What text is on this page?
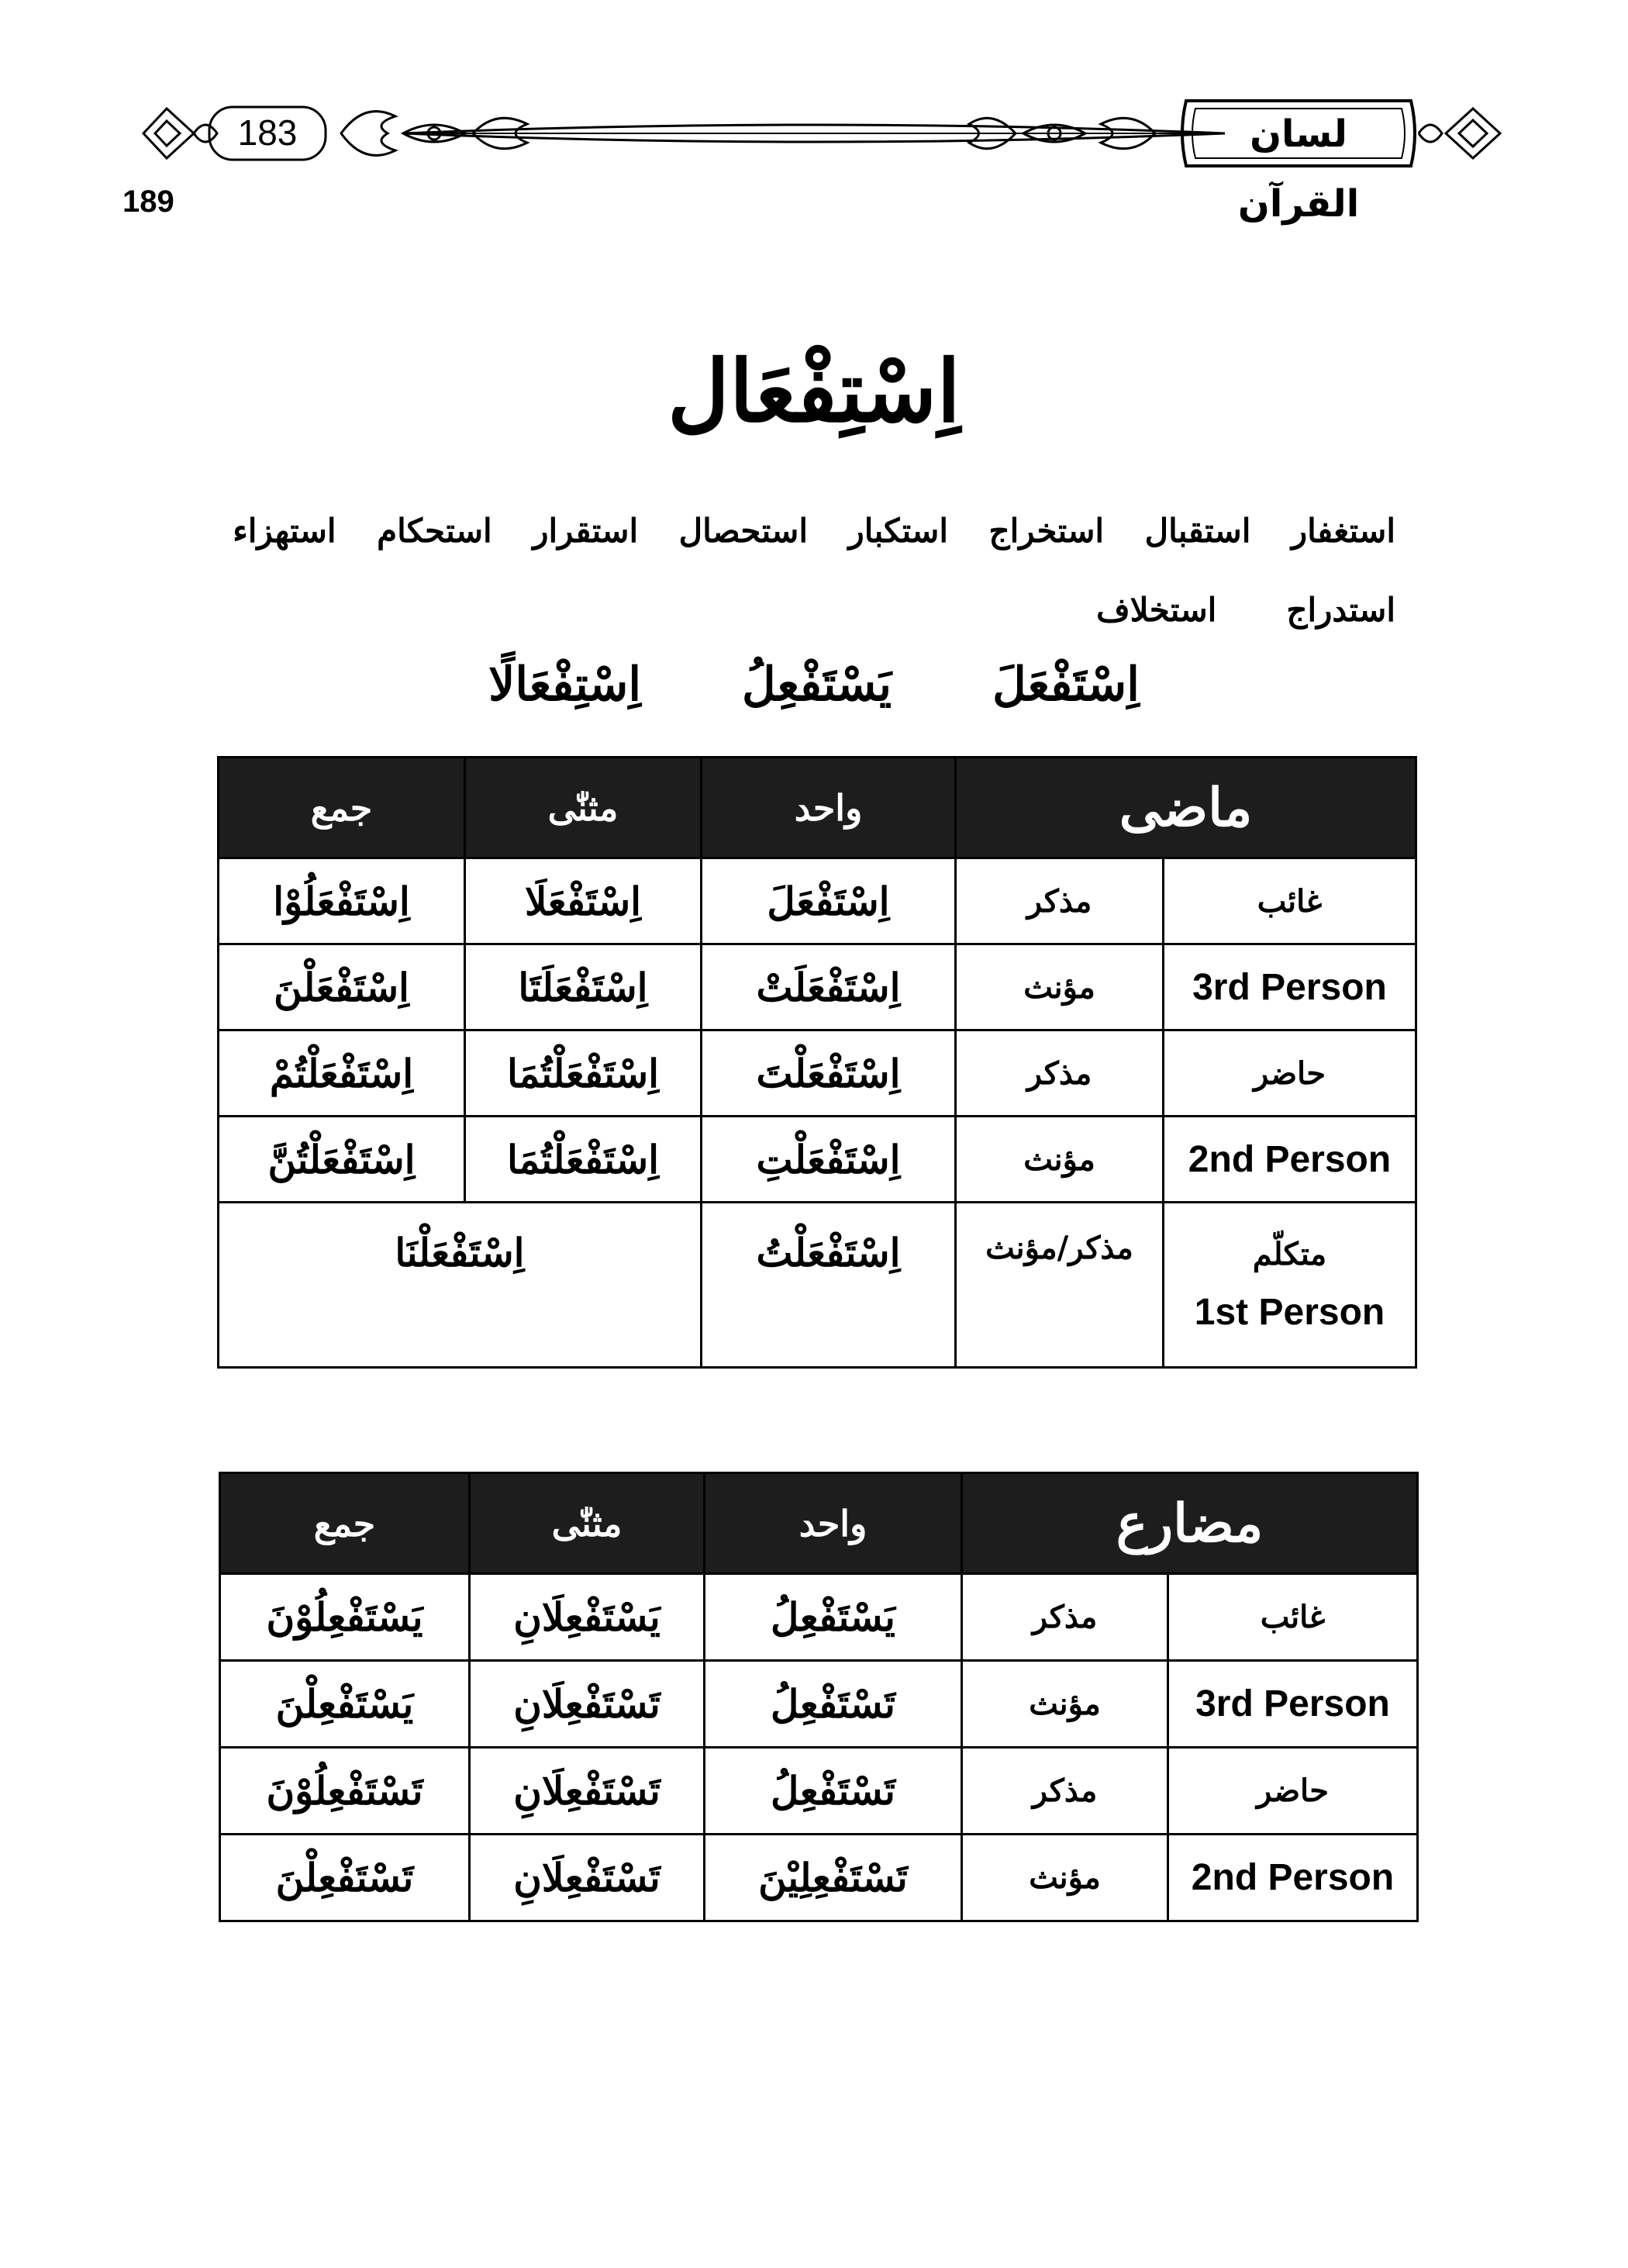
183	لسان القرآن
189
اِسْتِفْعَال
استغفار
استقبال
استخراج
استکبار
استحصال
استقرار
استحکام
استھزاء
استدراج
استخلاف
اِسْتَفْعَلَ
يَسْتَفْعِلُ
اِسْتِفْعَالًا
جمع	مثنّٰی	واحد	ماضی	
اِسْتَفْعَلُوْا	اِسْتَفْعَلَا	اِسْتَفْعَلَ	مذکر	غائب
اِسْتَفْعَلْنَ	اِسْتَفْعَلَتَا	اِسْتَفْعَلَتْ	مؤنث	3rd Person
اِسْتَفْعَلْتُمْ	اِسْتَفْعَلْتُمَا	اِسْتَفْعَلْتَ	مذکر	حاضر
اِسْتَفْعَلْتُنَّ	اِسْتَفْعَلْتُمَا	اِسْتَفْعَلْتِ	مؤنث	2nd Person
اِسْتَفْعَلْنَا		اِسْتَفْعَلْتُ	مذکر/مؤنث	متکلّم
1st Person
جمع	مثنّٰی	واحد	مضارع	
يَسْتَفْعِلُوْنَ	يَسْتَفْعِلَانِ	يَسْتَفْعِلُ	مذکر	غائب
يَسْتَفْعِلْنَ	تَسْتَفْعِلَانِ	تَسْتَفْعِلُ	مؤنث	3rd Person
تَسْتَفْعِلُوْنَ	تَسْتَفْعِلَانِ	تَسْتَفْعِلُ	مذکر	حاضر
تَسْتَفْعِلْنَ	تَسْتَفْعِلَانِ	تَسْتَفْعِلِيْنَ	مؤنث	2nd Person
